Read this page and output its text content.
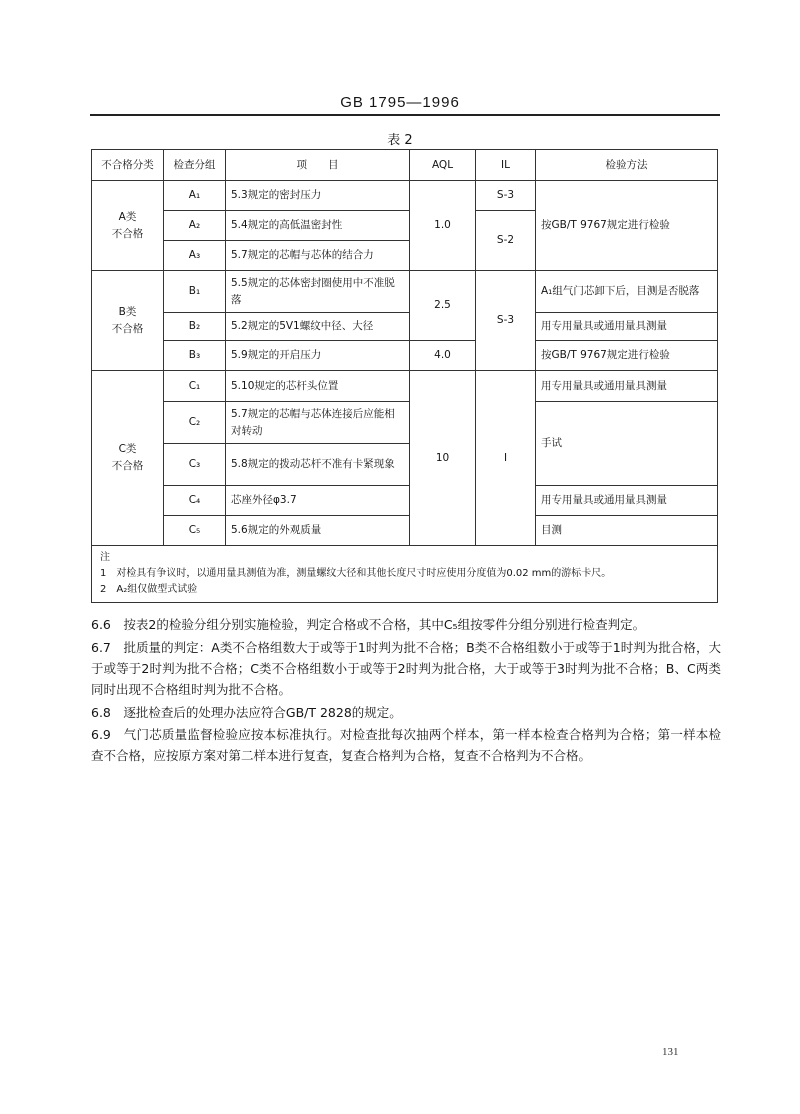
GB 1795—1996
表 2
不合格分类	检查分组	项　　目	AQL	IL	检验方法
A类
不合格	A₁	5.3规定的密封压力	1.0	S-3	按GB/T 9767规定进行检验
	A₂	5.4规定的高低温密封性		S-2	
	A₃	5.7规定的芯帽与芯体的结合力			
B类
不合格	B₁	5.5规定的芯体密封圈使用中不准脱落	2.5	S-3	A₁组气门芯卸下后，目测是否脱落
	B₂	5.2规定的5V1螺纹中径、大径			用专用量具或通用量具测量
	B₃	5.9规定的开启压力	4.0		按GB/T 9767规定进行检验
C类
不合格	C₁	5.10规定的芯杆头位置	10	I	用专用量具或通用量具测量
	C₂	5.7规定的芯帽与芯体连接后应能相对转动			手试
	C₃	5.8规定的拨动芯杆不准有卡紧现象			
	C₄	芯座外径φ3.7			用专用量具或通用量具测量
	C₅	5.6规定的外观质量			目测

注
1　对检具有争议时，以通用量具测值为准，测量螺纹大径和其他长度尺寸时应使用分度值为0.02 mm的游标卡尺。
2　A₂组仅做型式试验					
6.6　按表2的检验分组分别实施检验，判定合格或不合格，其中C₅组按零件分组分别进行检查判定。
6.7　批质量的判定：A类不合格组数大于或等于1时判为批不合格；B类不合格组数小于或等于1时判为批合格，大于或等于2时判为批不合格；C类不合格组数小于或等于2时判为批合格，大于或等于3时判为批不合格；B、C两类同时出现不合格组时判为批不合格。
6.8　逐批检查后的处理办法应符合GB/T 2828的规定。
6.9　气门芯质量监督检验应按本标准执行。对检查批每次抽两个样本，第一样本检查合格判为合格；第一样本检查不合格，应按原方案对第二样本进行复查，复查合格判为合格，复查不合格判为不合格。
131
